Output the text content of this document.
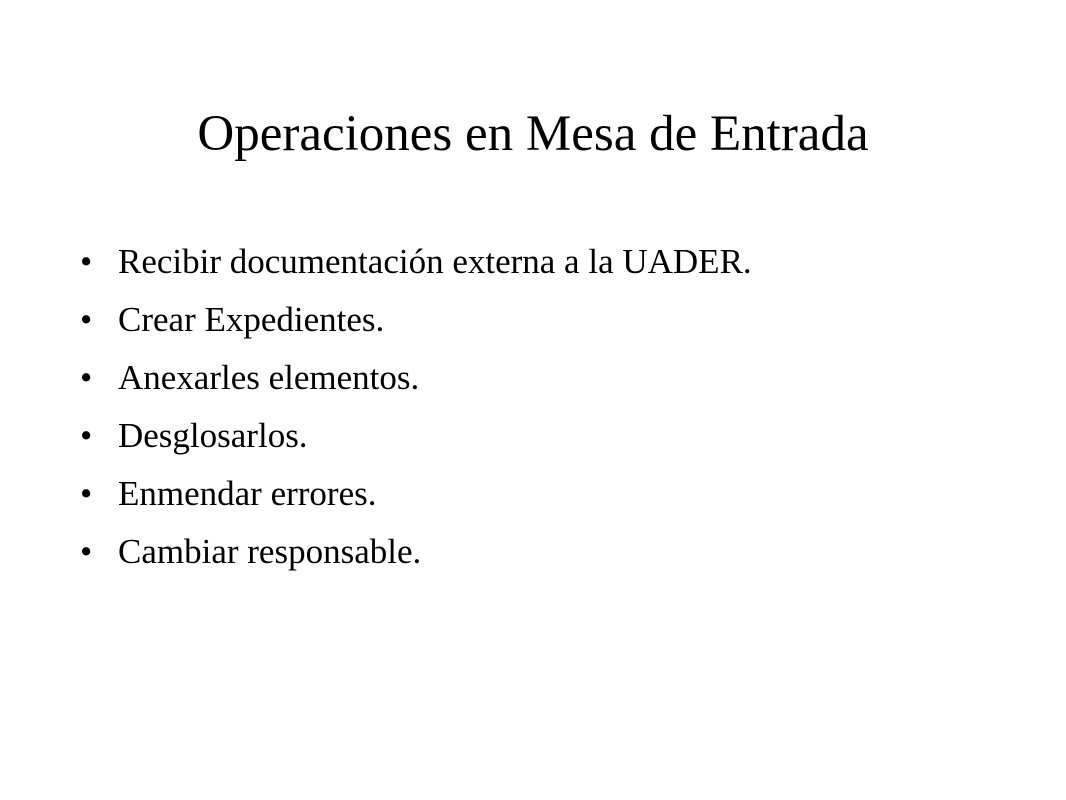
Operaciones en Mesa de Entrada
• Recibir documentación externa a la UADER.
• Crear Expedientes.
• Anexarles elementos.
• Desglosarlos.
• Enmendar errores.
• Cambiar responsable.
